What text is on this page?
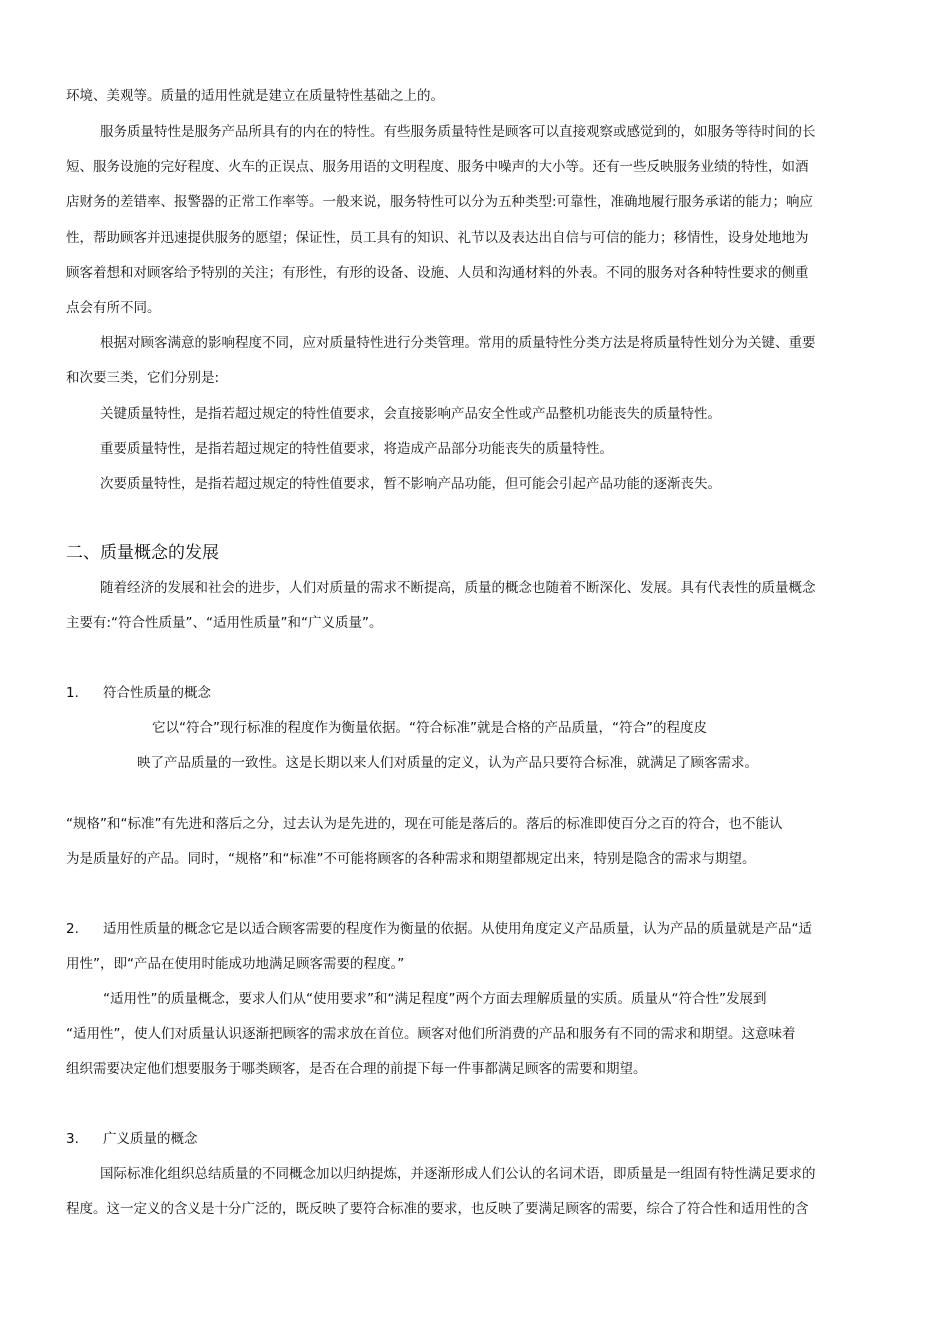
环境、美观等。质量的适用性就是建立在质量特性基础之上的。
服务质量特性是服务产品所具有的内在的特性。有些服务质量特性是顾客可以直接观察或感觉到的，如服务等待时间的长
短、服务设施的完好程度、火车的正误点、服务用语的文明程度、服务中噪声的大小等。还有一些反映服务业绩的特性，如酒
店财务的差错率、报警器的正常工作率等。一般来说，服务特性可以分为五种类型:可靠性，准确地履行服务承诺的能力；响应
性，帮助顾客并迅速提供服务的愿望；保证性，员工具有的知识、礼节以及表达出自信与可信的能力；移情性，设身处地地为
顾客着想和对顾客给予特别的关注；有形性，有形的设备、设施、人员和沟通材料的外表。不同的服务对各种特性要求的侧重
点会有所不同。
根据对顾客满意的影响程度不同，应对质量特性进行分类管理。常用的质量特性分类方法是将质量特性划分为关键、重要
和次要三类，它们分别是:
关键质量特性，是指若超过规定的特性值要求，会直接影响产品安全性或产品整机功能丧失的质量特性。
重要质量特性，是指若超过规定的特性值要求，将造成产品部分功能丧失的质量特性。
次要质量特性，是指若超过规定的特性值要求，暂不影响产品功能，但可能会引起产品功能的逐渐丧失。
二、质量概念的发展
随着经济的发展和社会的进步，人们对质量的需求不断提高，质量的概念也随着不断深化、发展。具有代表性的质量概念
主要有:“符合性质量”、“适用性质量”和“广义质量”。
1. 符合性质量的概念
它以“符合”现行标准的程度作为衡量依据。“符合标准”就是合格的产品质量，“符合”的程度皮
映了产品质量的一致性。这是长期以来人们对质量的定义，认为产品只要符合标准，就满足了顾客需求。
“规格”和“标准”有先进和落后之分，过去认为是先进的，现在可能是落后的。落后的标准即使百分之百的符合，也不能认
为是质量好的产品。同时，“规格”和“标准”不可能将顾客的各种需求和期望都规定出来，特别是隐含的需求与期望。
2. 适用性质量的概念它是以适合顾客需要的程度作为衡量的依据。从使用角度定义产品质量，认为产品的质量就是产品“适
用性”，即“产品在使用时能成功地满足顾客需要的程度。”
“适用性”的质量概念，要求人们从“使用要求”和“满足程度”两个方面去理解质量的实质。质量从“符合性”发展到
“适用性”，使人们对质量认识逐渐把顾客的需求放在首位。顾客对他们所消费的产品和服务有不同的需求和期望。这意味着
组织需要决定他们想要服务于哪类顾客，是否在合理的前提下每一件事都满足顾客的需要和期望。
3. 广义质量的概念
国际标准化组织总结质量的不同概念加以归纳提炼，并逐渐形成人们公认的名词术语，即质量是一组固有特性满足要求的
程度。这一定义的含义是十分广泛的，既反映了要符合标准的要求，也反映了要满足顾客的需要，综合了符合性和适用性的含
